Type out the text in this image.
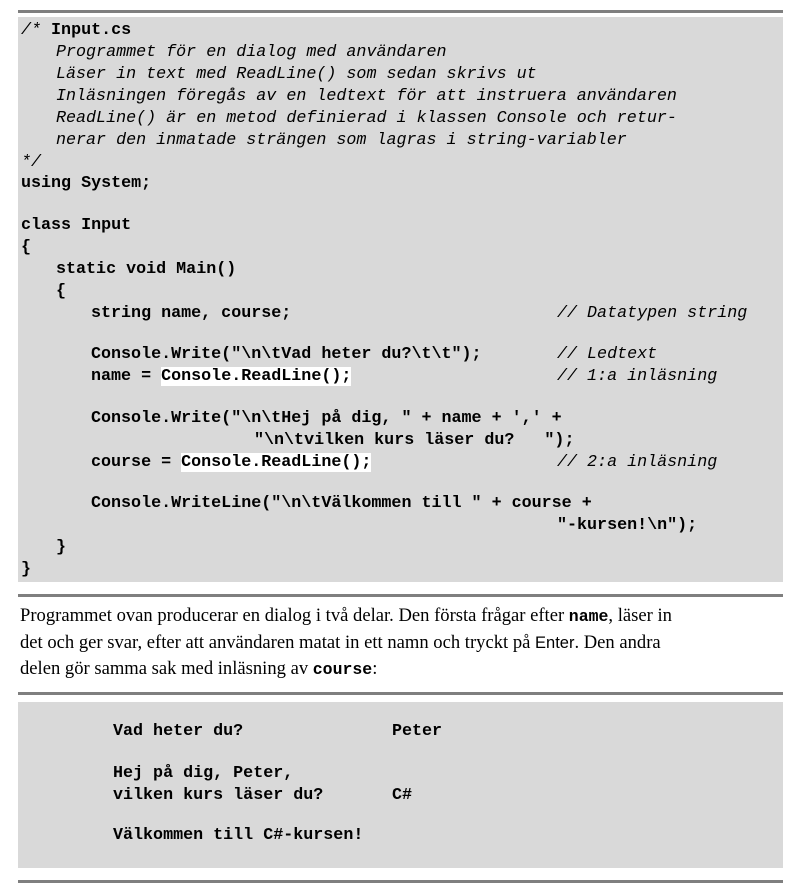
/* Input.cs
Programmet för en dialog med användaren
Läser in text med ReadLine() som sedan skrivs ut
Inläsningen föregås av en ledtext för att instruera användaren
ReadLine() är en metod definierad i klassen Console och retur-
nerar den inmatade strängen som lagras i string-variabler
*/
using System;
class Input
{
static void Main()
{
string name, course;	// Datatypen string
Console.Write("\n\tVad heter du?\t\t");	// Ledtext
name = Console.ReadLine();	// 1:a inläsning
Console.Write("\n\tHej på dig, " + name + ',' +
"\n\tvilken kurs läser du?   ");
course = Console.ReadLine();	// 2:a inläsning
Console.WriteLine("\n\tVälkommen till " + course +
"-kursen!\n");
}
}
Programmet ovan producerar en dialog i två delar. Den första frågar efter name, läser in
det och ger svar, efter att användaren matat in ett namn och tryckt på Enter. Den andra
delen gör samma sak med inläsning av course:
Vad heter du?	Peter
Hej på dig, Peter,
vilken kurs läser du?	C#
Välkommen till C#-kursen!
